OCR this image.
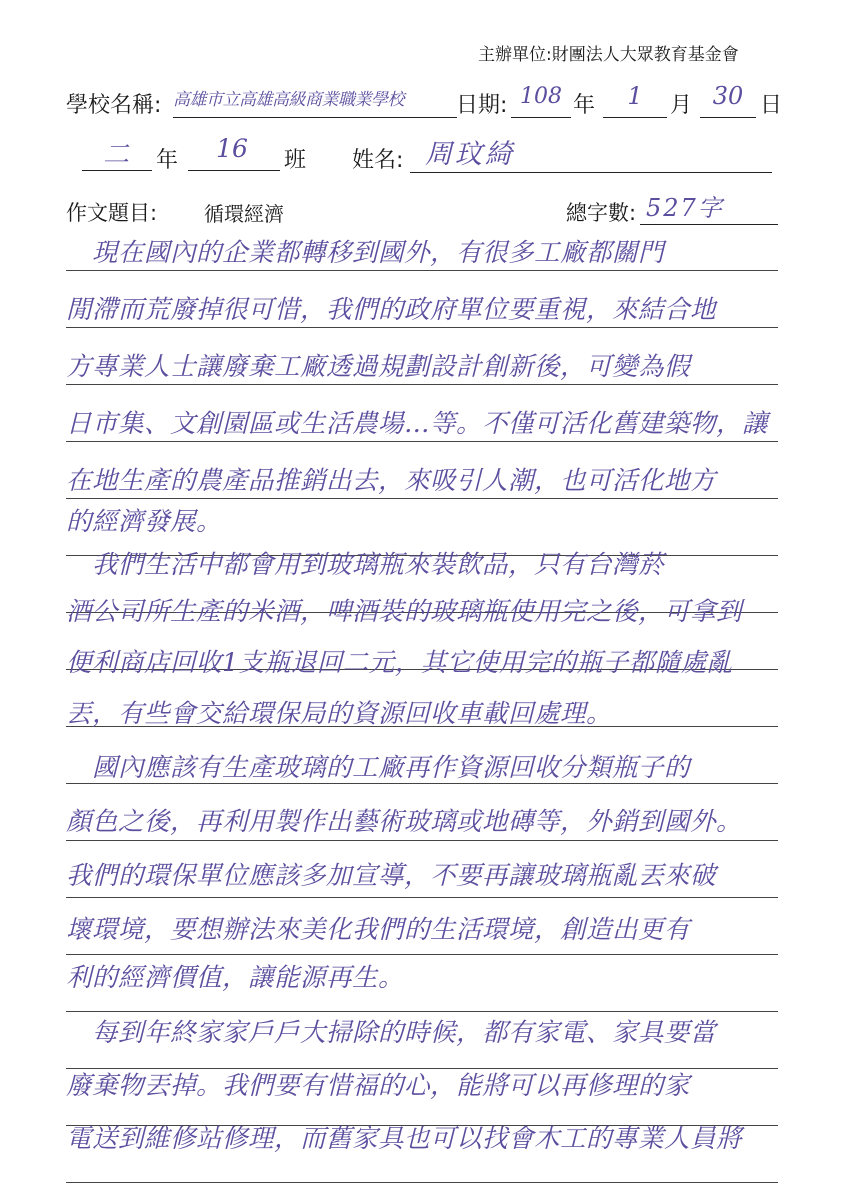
主辦單位:財團法人大眾教育基金會
學校名稱: 高雄市立高雄高級商業職業學校	日期: 108 年	1	月 30 日
二	年	16	班 姓名: 周玟綺
作文題目: 循環經濟	總字數: 527字
　現在國內的企業都轉移到國外，有很多工廠都關門
閒滯而荒廢掉很可惜，我們的政府單位要重視，來結合地
方專業人士讓廢棄工廠透過規劃設計創新後，可變為假
日市集、文創園區或生活農場…等。不僅可活化舊建築物，讓
在地生產的農產品推銷出去，來吸引人潮，也可活化地方
的經濟發展。
　我們生活中都會用到玻璃瓶來裝飲品，只有台灣菸
酒公司所生產的米酒，啤酒裝的玻璃瓶使用完之後，可拿到
便利商店回收1支瓶退回二元，其它使用完的瓶子都隨處亂
丟，有些會交給環保局的資源回收車載回處理。
　國內應該有生產玻璃的工廠再作資源回收分類瓶子的
顏色之後，再利用製作出藝術玻璃或地磚等，外銷到國外。
我們的環保單位應該多加宣導，不要再讓玻璃瓶亂丟來破
壞環境，要想辦法來美化我們的生活環境，創造出更有
利的經濟價值，讓能源再生。
　每到年終家家戶戶大掃除的時候，都有家電、家具要當
廢棄物丟掉。我們要有惜福的心，能將可以再修理的家
電送到維修站修理，而舊家具也可以找會木工的專業人員將
